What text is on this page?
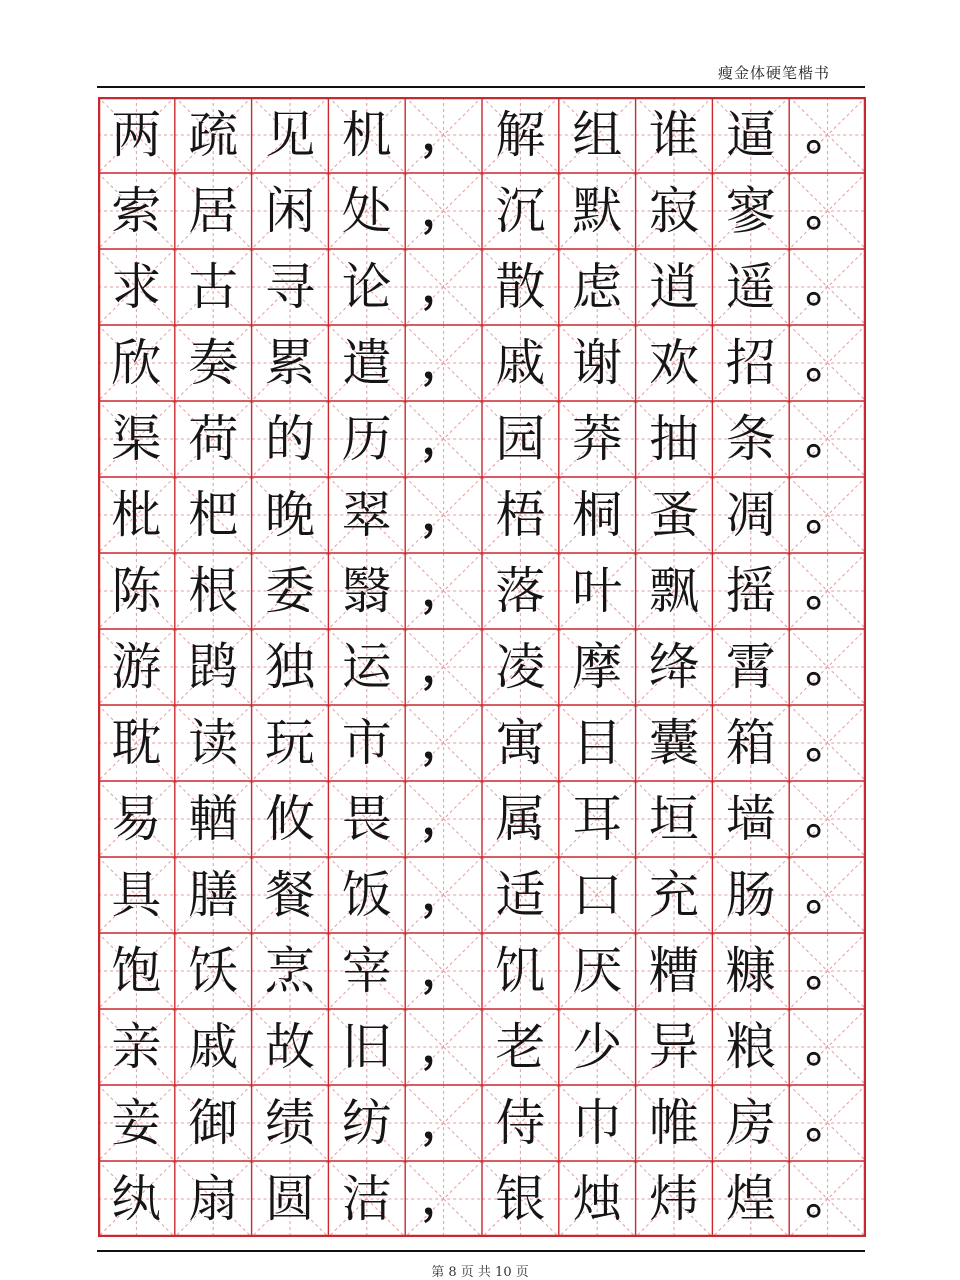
瘦金体硬笔楷书
两 疏 见 机 ， 解 组 谁 逼 。
索 居 闲 处 ， 沉 默 寂 寥 。
求 古 寻 论 ， 散 虑 逍 遥 。
欣 奏 累 遣 ， 戚 谢 欢 招 。
渠 荷 的 历 ， 园 莽 抽 条 。
枇 杷 晚 翠 ， 梧 桐 蚤 凋 。
陈 根 委 翳 ， 落 叶 飘 摇 。
游 鹍 独 运 ， 凌 摩 绛 霄 。
耽 读 玩 市 ， 寓 目 囊 箱 。
易 輶 攸 畏 ， 属 耳 垣 墙 。
具 膳 餐 饭 ， 适 口 充 肠 。
饱 饫 烹 宰 ， 饥 厌 糟 糠 。
亲 戚 故 旧 ， 老 少 异 粮 。
妾 御 绩 纺 ， 侍 巾 帷 房 。
纨 扇 圆 洁 ， 银 烛 炜 煌 。
第 8 页 共 10 页
